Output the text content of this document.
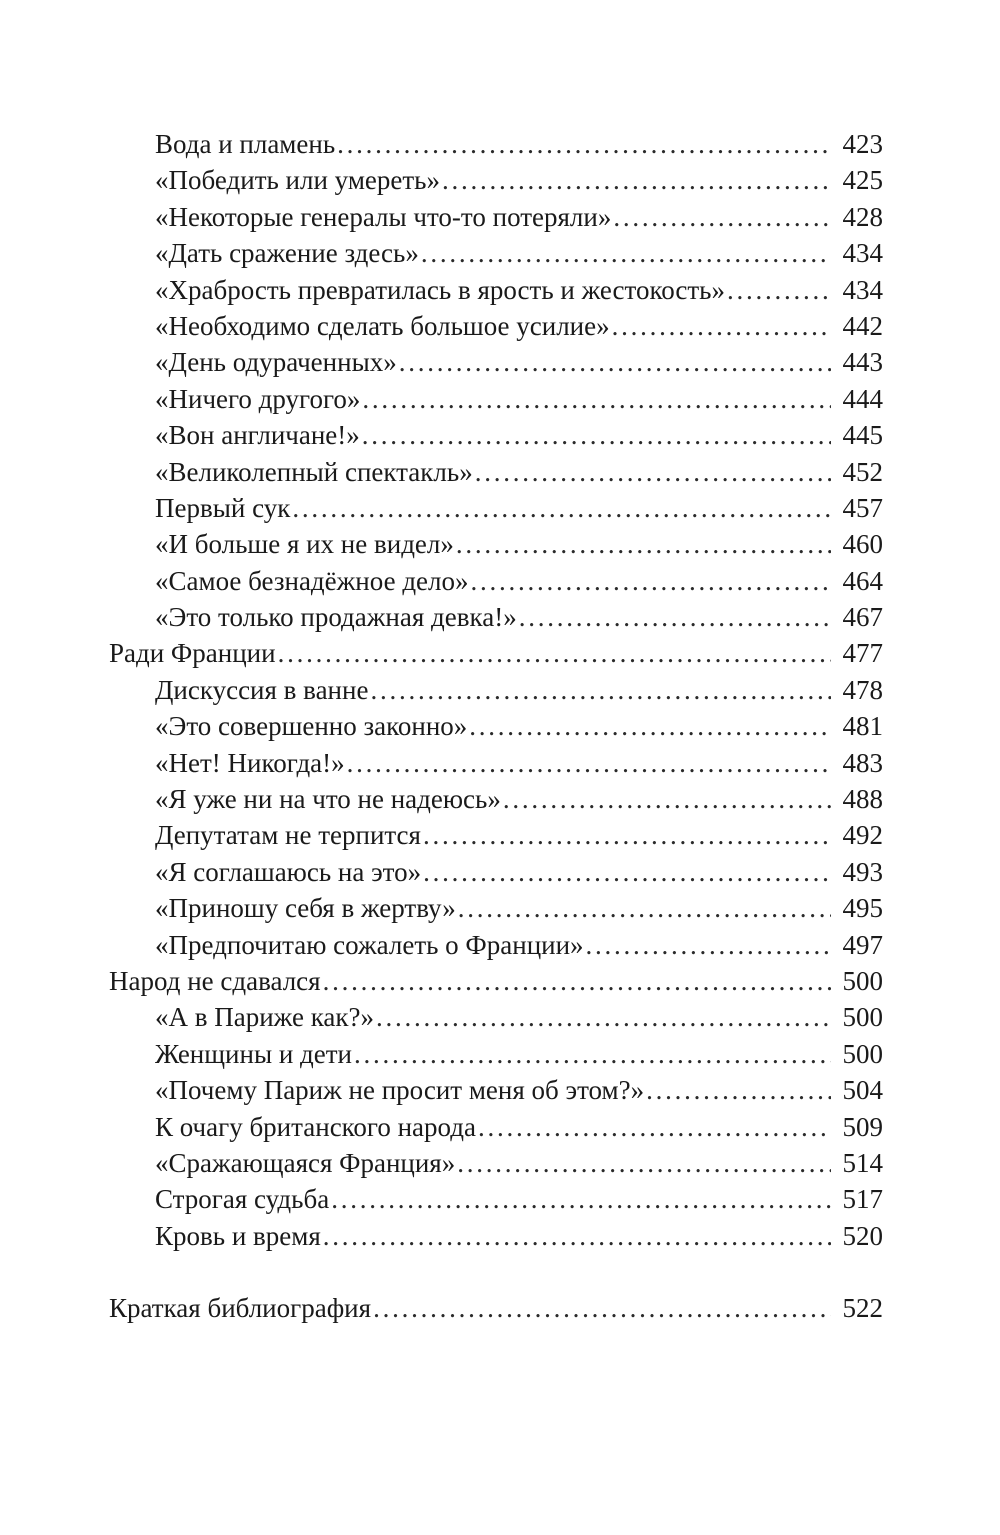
Вода и пламень . . .	423
«Победить или умереть» . . .	425
«Некоторые генералы что-то потеряли» . . .	428
«Дать сражение здесь» . . .	434
«Храбрость превратилась в ярость и жестокость» . . .	434
«Необходимо сделать большое усилие» . . .	442
«День одураченных» . . .	443
«Ничего другого» . . .	444
«Вон англичане!» . . .	445
«Великолепный спектакль» . . .	452
Первый сук . . .	457
«И больше я их не видел» . . .	460
«Самое безнадёжное дело» . . .	464
«Это только продажная девка!» . . .	467
Ради Франции . . .	477
Дискуссия в ванне . . .	478
«Это совершенно законно» . . .	481
«Нет! Никогда!» . . .	483
«Я уже ни на что не надеюсь» . . .	488
Депутатам не терпится . . .	492
«Я соглашаюсь на это» . . .	493
«Приношу себя в жертву» . . .	495
«Предпочитаю сожалеть о Франции» . . .	497
Народ не сдавался . . .	500
«А в Париже как?» . . .	500
Женщины и дети . . .	500
«Почему Париж не просит меня об этом?» . . .	504
К очагу британского народа . . .	509
«Сражающаяся Франция» . . .	514
Строгая судьба . . .	517
Кровь и время . . .	520
Краткая библиография . . .	522
